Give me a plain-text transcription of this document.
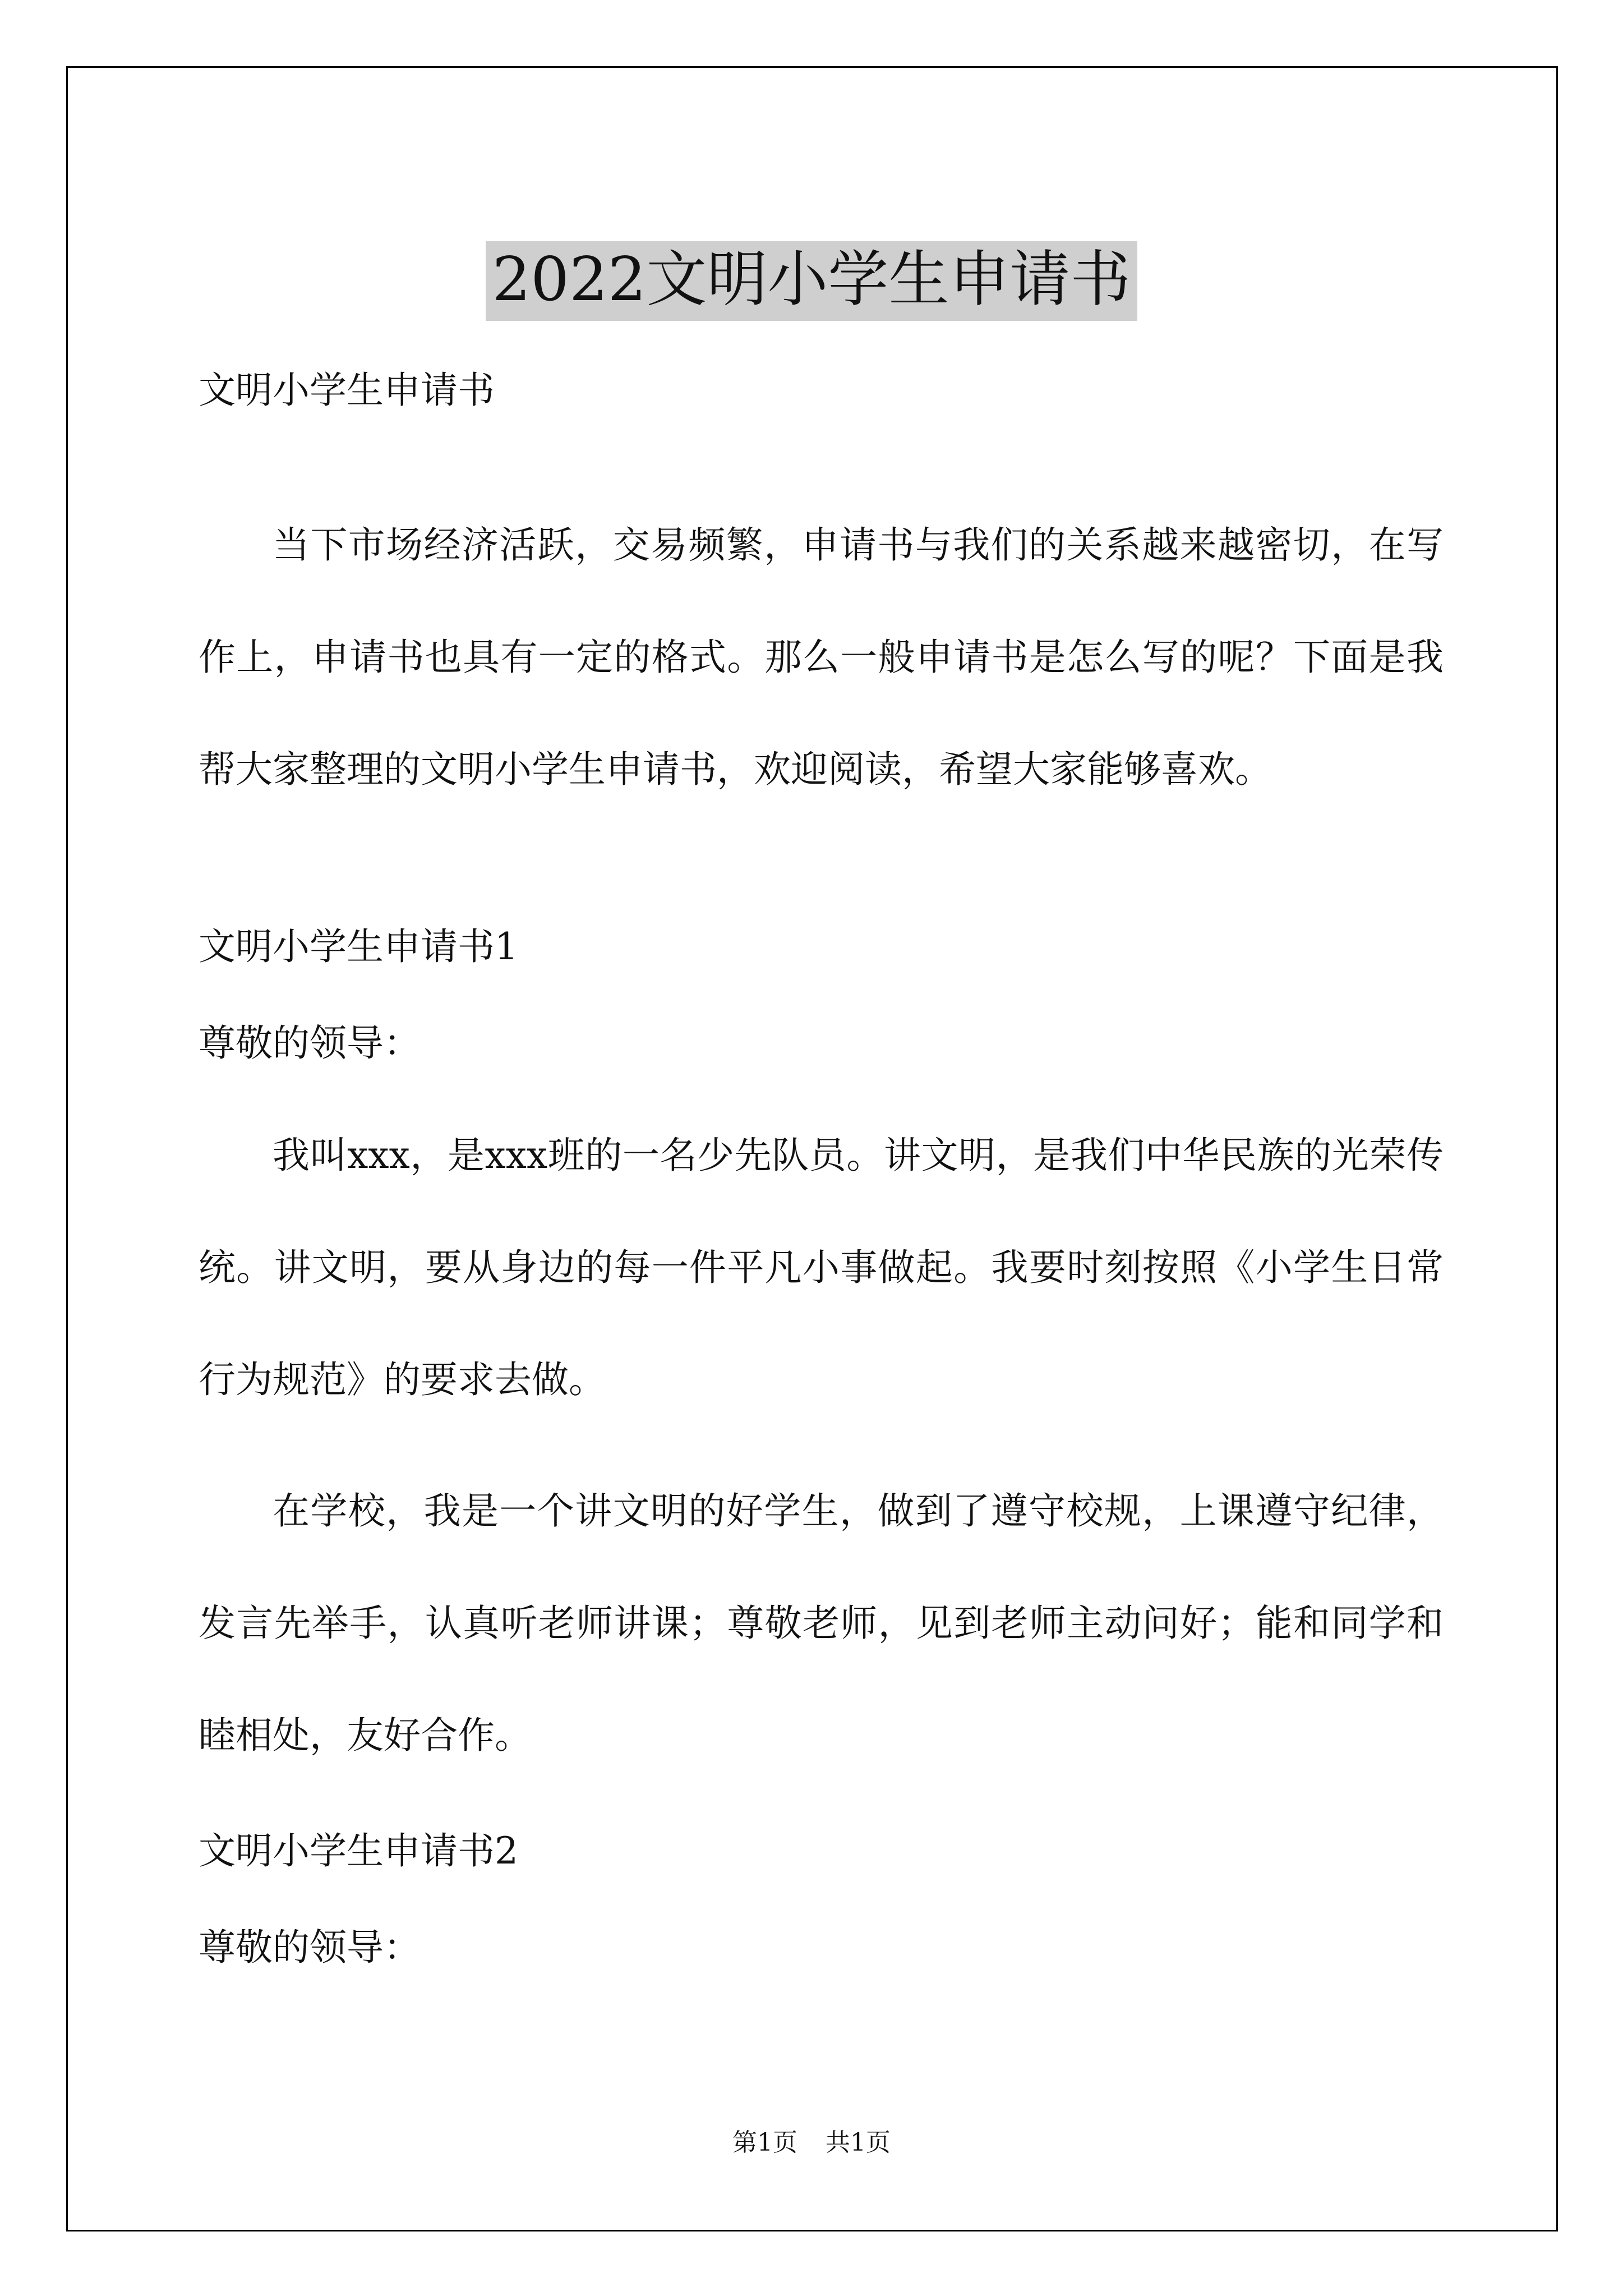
2022文明小学生申请书

文明小学生申请书

当下市场经济活跃，交易频繁，申请书与我们的关系越来越密切，在写作上，申请书也具有一定的格式。那么一般申请书是怎么写的呢？下面是我帮大家整理的文明小学生申请书，欢迎阅读，希望大家能够喜欢。

文明小学生申请书1

尊敬的领导：

我叫xxx，是xxx班的一名少先队员。讲文明，是我们中华民族的光荣传统。讲文明，要从身边的每一件平凡小事做起。我要时刻按照《小学生日常行为规范》的要求去做。

在学校，我是一个讲文明的好学生，做到了遵守校规，上课遵守纪律，发言先举手，认真听老师讲课；尊敬老师，见到老师主动问好；能和同学和睦相处，友好合作。

文明小学生申请书2

尊敬的领导：

第1页 共1页
